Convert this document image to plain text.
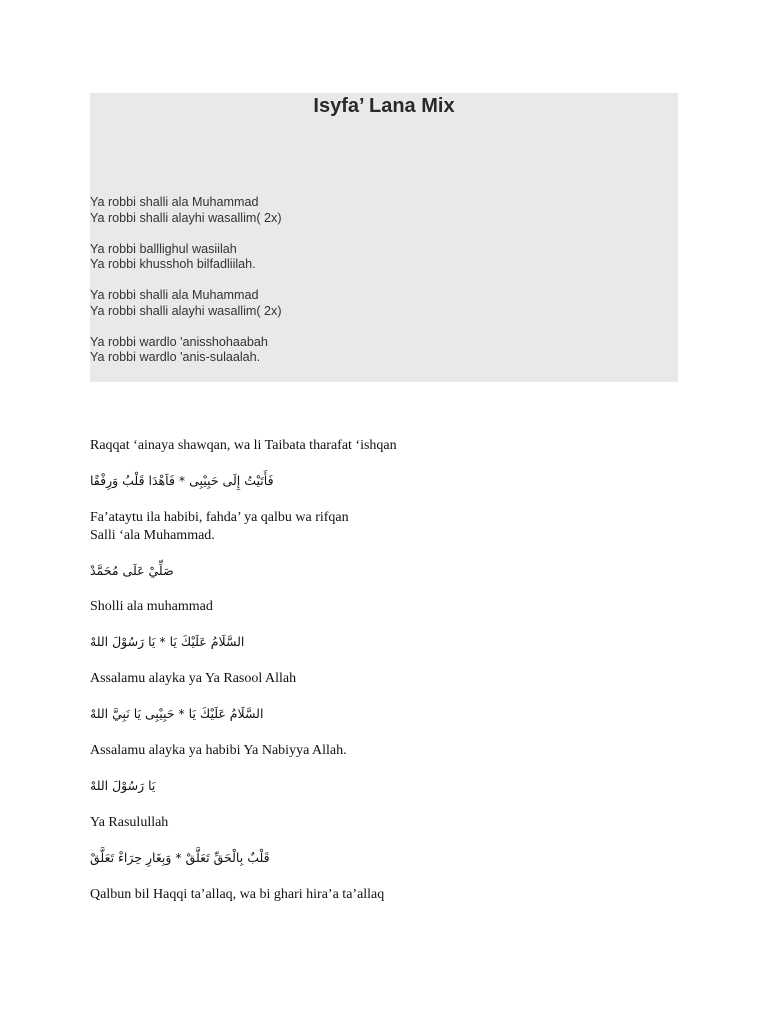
Isyfa’ Lana Mix
Ya robbi shalli ala Muhammad
Ya robbi shalli alayhi wasallim( 2x)
Ya robbi balllighul wasiilah
Ya robbi khusshoh bilfadliilah.
Ya robbi shalli ala Muhammad
Ya robbi shalli alayhi wasallim( 2x)
Ya robbi wardlo 'anisshohaabah
Ya robbi wardlo 'anis-sulaalah.
Raqqat ‘ainaya shawqan, wa li Taibata tharafat ‘ishqan
فَأَتَيْتُ إِلَى حَبِيْبِى * فَاَهْدَا قَلْبُ وَرِفْقًا
Fa’ataytu ila habibi, fahda’ ya qalbu wa rifqan
Salli ‘ala Muhammad.
صَلِّيْ عَلَى مُحَمَّدْ
Sholli ala muhammad
السَّلَامُ عَلَيْكَ يَا * يَا رَسُوْلَ اللهْ
Assalamu alayka ya Ya Rasool Allah
السَّلَامُ عَلَيْكَ يَا * حَبِيْبِى يَا نَبِيَّ اللهْ
Assalamu alayka ya habibi Ya Nabiyya Allah.
يَا رَسُوْلَ اللهْ
Ya Rasulullah
قَلْبٌ بِالْحَقِّ تَعَلَّقْ * وَبِغَارِ حِرَاءْ تَعَلَّقْ
Qalbun bil Haqqi ta’allaq, wa bi ghari hira’a ta’allaq
